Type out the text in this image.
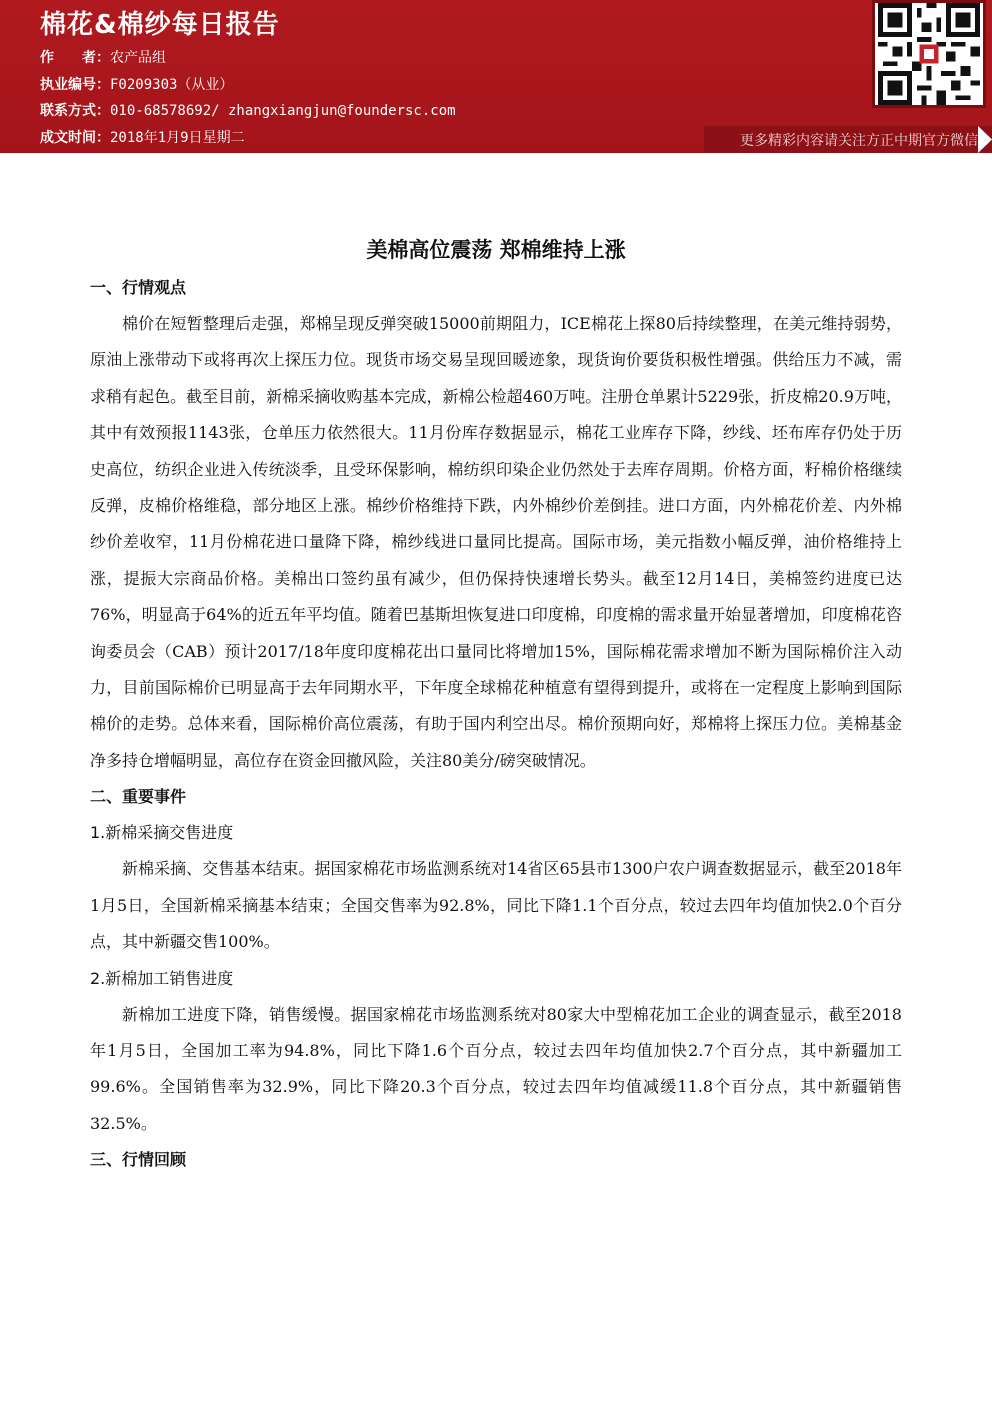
棉花&棉纱每日报告
作　　者：农产品组
执业编号：F0209303（从业）
联系方式：010-68578692/ zhangxiangjun@foundersc.com
成文时间：2018年1月9日星期二	更多精彩内容请关注方正中期官方微信
美棉高位震荡 郑棉维持上涨
一、行情观点

棉价在短暂整理后走强，郑棉呈现反弹突破15000前期阻力，ICE棉花上探80后持续整理，在美元维持弱势，原油上涨带动下或将再次上探压力位。现货市场交易呈现回暖迹象，现货询价要货积极性增强。供给压力不减，需求稍有起色。截至目前，新棉采摘收购基本完成，新棉公检超460万吨。注册仓单累计5229张，折皮棉20.9万吨，其中有效预报1143张，仓单压力依然很大。11月份库存数据显示，棉花工业库存下降，纱线、坯布库存仍处于历史高位，纺织企业进入传统淡季，且受环保影响，棉纺织印染企业仍然处于去库存周期。价格方面，籽棉价格继续反弹，皮棉价格维稳，部分地区上涨。棉纱价格维持下跌，内外棉纱价差倒挂。进口方面，内外棉花价差、内外棉纱价差收窄，11月份棉花进口量降下降，棉纱线进口量同比提高。国际市场，美元指数小幅反弹，油价格维持上涨，提振大宗商品价格。美棉出口签约虽有减少，但仍保持快速增长势头。截至12月14日，美棉签约进度已达76%，明显高于64%的近五年平均值。随着巴基斯坦恢复进口印度棉，印度棉的需求量开始显著增加，印度棉花咨询委员会（CAB）预计2017/18年度印度棉花出口量同比将增加15%，国际棉花需求增加不断为国际棉价注入动力，目前国际棉价已明显高于去年同期水平，下年度全球棉花种植意有望得到提升，或将在一定程度上影响到国际棉价的走势。总体来看，国际棉价高位震荡，有助于国内利空出尽。棉价预期向好，郑棉将上探压力位。美棉基金净多持仓增幅明显，高位存在资金回撤风险，关注80美分/磅突破情况。

二、重要事件
1.新棉采摘交售进度

新棉采摘、交售基本结束。据国家棉花市场监测系统对14省区65县市1300户农户调查数据显示，截至2018年1月5日，全国新棉采摘基本结束；全国交售率为92.8%，同比下降1.1个百分点，较过去四年均值加快2.0个百分点，其中新疆交售100%。

2.新棉加工销售进度

新棉加工进度下降，销售缓慢。据国家棉花市场监测系统对80家大中型棉花加工企业的调查显示，截至2018年1月5日，全国加工率为94.8%，同比下降1.6个百分点，较过去四年均值加快2.7个百分点，其中新疆加工99.6%。全国销售率为32.9%，同比下降20.3个百分点，较过去四年均值减缓11.8个百分点，其中新疆销售32.5%。

三、行情回顾
